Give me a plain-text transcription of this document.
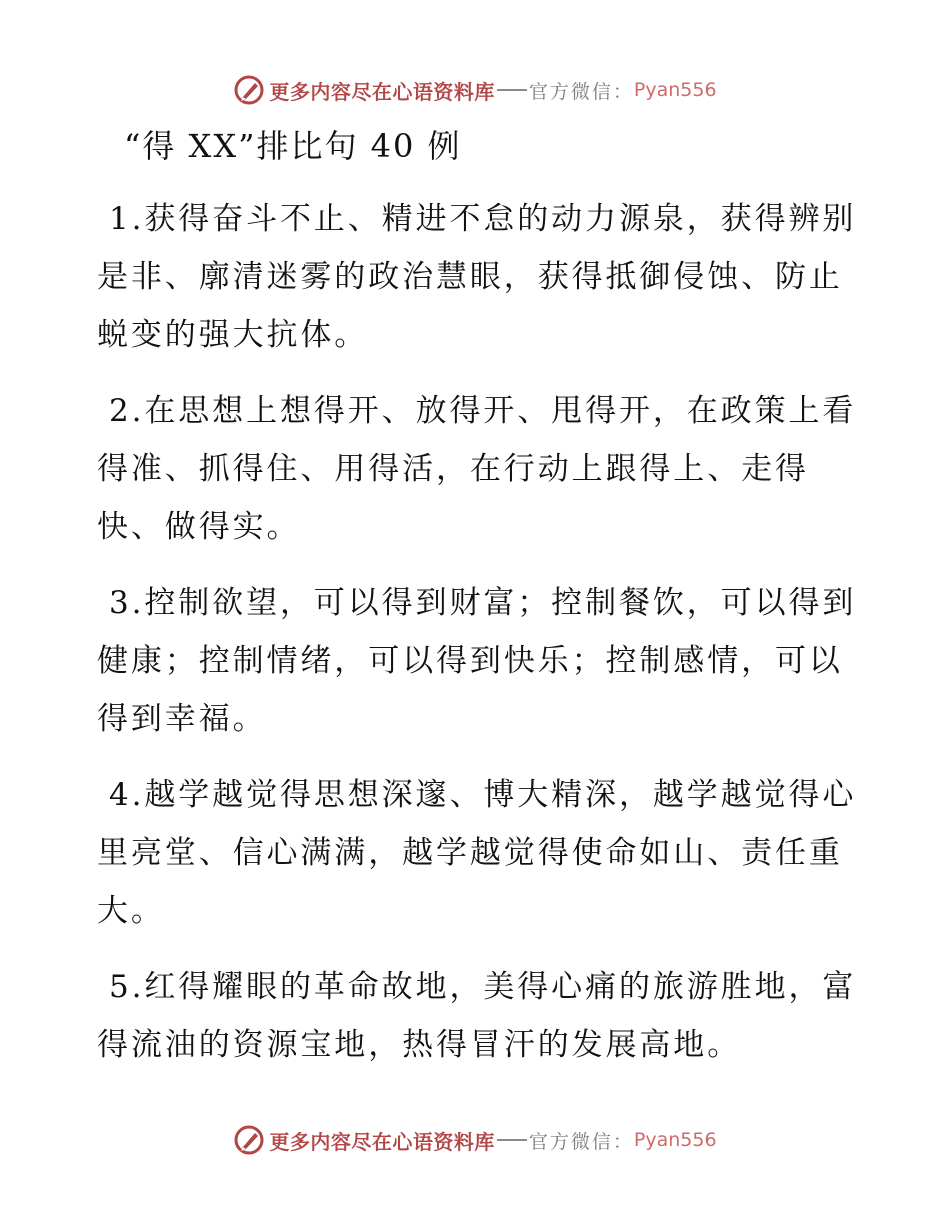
更多内容尽在心语资料库 官方微信： Pyan556
“得 XX”排比句 40 例

1.获得奋斗不止、精进不怠的动力源泉，获得辨别是非、廓清迷雾的政治慧眼，获得抵御侵蚀、防止蜕变的强大抗体。

2.在思想上想得开、放得开、甩得开，在政策上看得准、抓得住、用得活，在行动上跟得上、走得快、做得实。

3.控制欲望，可以得到财富；控制餐饮，可以得到健康；控制情绪，可以得到快乐；控制感情，可以得到幸福。

4.越学越觉得思想深邃、博大精深，越学越觉得心里亮堂、信心满满，越学越觉得使命如山、责任重大。

5.红得耀眼的革命故地，美得心痛的旅游胜地，富得流油的资源宝地，热得冒汗的发展高地。

更多内容尽在心语资料库 官方微信： Pyan556
